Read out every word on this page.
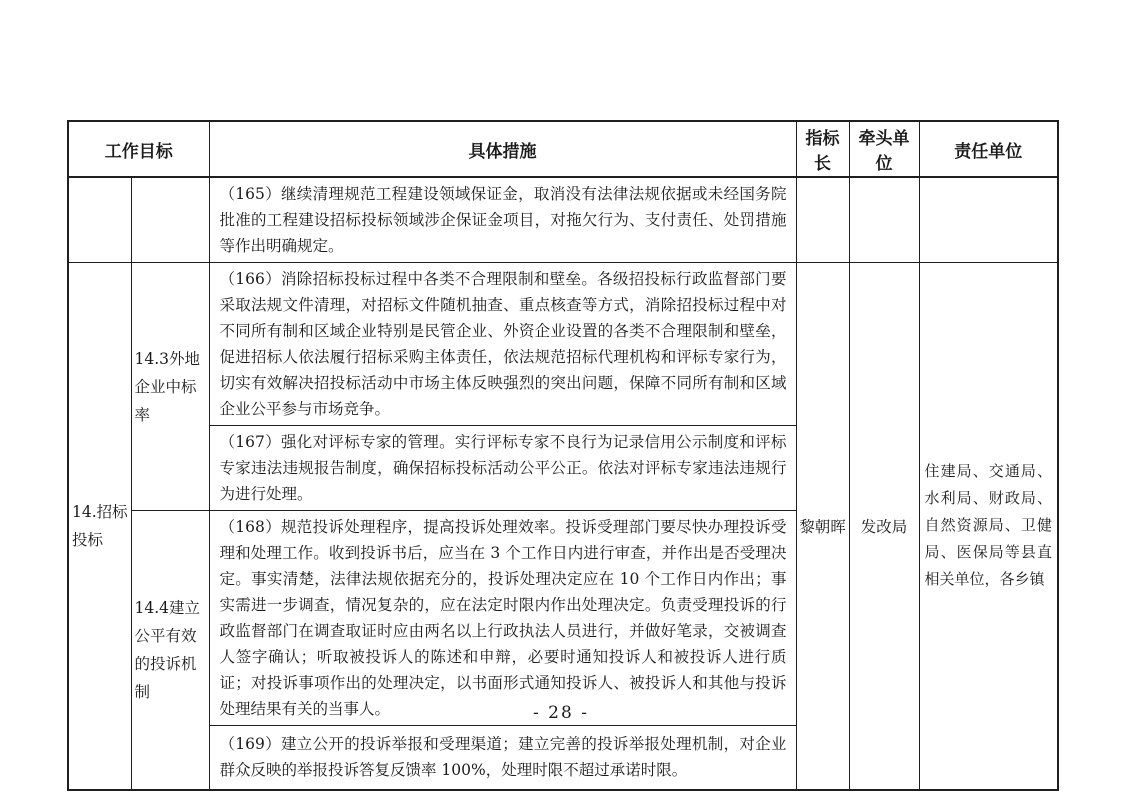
工作目标		具体措施	指标长	牵头单位	责任单位
		（165）继续清理规范工程建设领域保证金，取消没有法律法规依据或未经国务院批准的工程建设招标投标领域涉企保证金项目，对拖欠行为、支付责任、处罚措施等作出明确规定。			
14.招标投标	14.3外地企业中标率	（166）消除招标投标过程中各类不合理限制和壁垒。各级招投标行政监督部门要采取法规文件清理，对招标文件随机抽查、重点核查等方式，消除招投标过程中对不同所有制和区域企业特别是民管企业、外资企业设置的各类不合理限制和壁垒，促进招标人依法履行招标采购主体责任，依法规范招标代理机构和评标专家行为，切实有效解决招投标活动中市场主体反映强烈的突出问题，保障不同所有制和区域企业公平参与市场竞争。	黎朝晖	发改局	住建局、交通局、水利局、财政局、自然资源局、卫健局、医保局等县直相关单位，各乡镇
		（167）强化对评标专家的管理。实行评标专家不良行为记录信用公示制度和评标专家违法违规报告制度，确保招标投标活动公平公正。依法对评标专家违法违规行为进行处理。			
	14.4建立公平有效的投诉机制	（168）规范投诉处理程序，提高投诉处理效率。投诉受理部门要尽快办理投诉受理和处理工作。收到投诉书后，应当在 3 个工作日内进行审查，并作出是否受理决定。事实清楚，法律法规依据充分的，投诉处理决定应在 10 个工作日内作出；事实需进一步调查，情况复杂的，应在法定时限内作出处理决定。负责受理投诉的行政监督部门在调查取证时应由两名以上行政执法人员进行，并做好笔录，交被调查人签字确认；听取被投诉人的陈述和申辩，必要时通知投诉人和被投诉人进行质证；对投诉事项作出的处理决定，以书面形式通知投诉人、被投诉人和其他与投诉处理结果有关的当事人。			
		（169）建立公开的投诉举报和受理渠道；建立完善的投诉举报处理机制，对企业群众反映的举报投诉答复反馈率 100%，处理时限不超过承诺时限。			
- 28 -
